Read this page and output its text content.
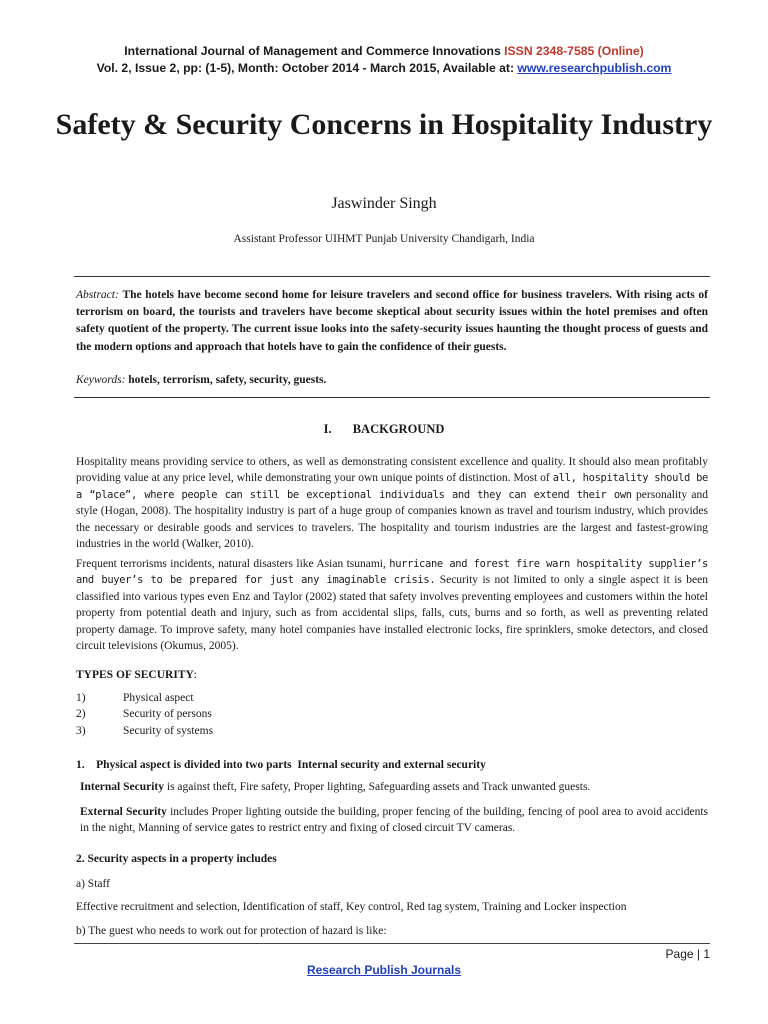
International Journal of Management and Commerce Innovations ISSN 2348-7585 (Online)
Vol. 2, Issue 2, pp: (1-5), Month: October 2014 - March 2015, Available at: www.researchpublish.com
Safety & Security Concerns in Hospitality Industry
Jaswinder Singh
Assistant Professor UIHMT Punjab University Chandigarh, India
Abstract: The hotels have become second home for leisure travelers and second office for business travelers. With rising acts of terrorism on board, the tourists and travelers have become skeptical about security issues within the hotel premises and often safety quotient of the property. The current issue looks into the safety-security issues haunting the thought process of guests and the modern options and approach that hotels have to gain the confidence of their guests.
Keywords: hotels, terrorism, safety, security, guests.
I. BACKGROUND

Hospitality means providing service to others, as well as demonstrating consistent excellence and quality. It should also mean profitably providing value at any price level, while demonstrating your own unique points of distinction. Most of all, hospitality should be a “place”, where people can still be exceptional individuals and they can extend their own personality and style (Hogan, 2008). The hospitality industry is part of a huge group of companies known as travel and tourism industry, which provides the necessary or desirable goods and services to travelers. The hospitality and tourism industries are the largest and fastest-growing industries in the world (Walker, 2010).

Frequent terrorisms incidents, natural disasters like Asian tsunami, hurricane and forest fire warn hospitality supplier’s and buyer’s to be prepared for just any imaginable crisis. Security is not limited to only a single aspect it is been classified into various types even Enz and Taylor (2002) stated that safety involves preventing employees and customers within the hotel property from potential death and injury, such as from accidental slips, falls, cuts, burns and so forth, as well as preventing related property damage. To improve safety, many hotel companies have installed electronic locks, fire sprinklers, smoke detectors, and closed circuit televisions (Okumus, 2005).

TYPES OF SECURITY:
1)	Physical aspect
2)	Security of persons
3)	Security of systems

1.    Physical aspect is divided into two parts  Internal security and external security

Internal Security is against theft, Fire safety, Proper lighting, Safeguarding assets and Track unwanted guests.

External Security includes Proper lighting outside the building, proper fencing of the building, fencing of pool area to avoid accidents in the night, Manning of service gates to restrict entry and fixing of closed circuit TV cameras.

2. Security aspects in a property includes

a) Staff

Effective recruitment and selection, Identification of staff, Key control, Red tag system, Training and Locker inspection

b) The guest who needs to work out for protection of hazard is like:

Page | 1
Research Publish Journals
